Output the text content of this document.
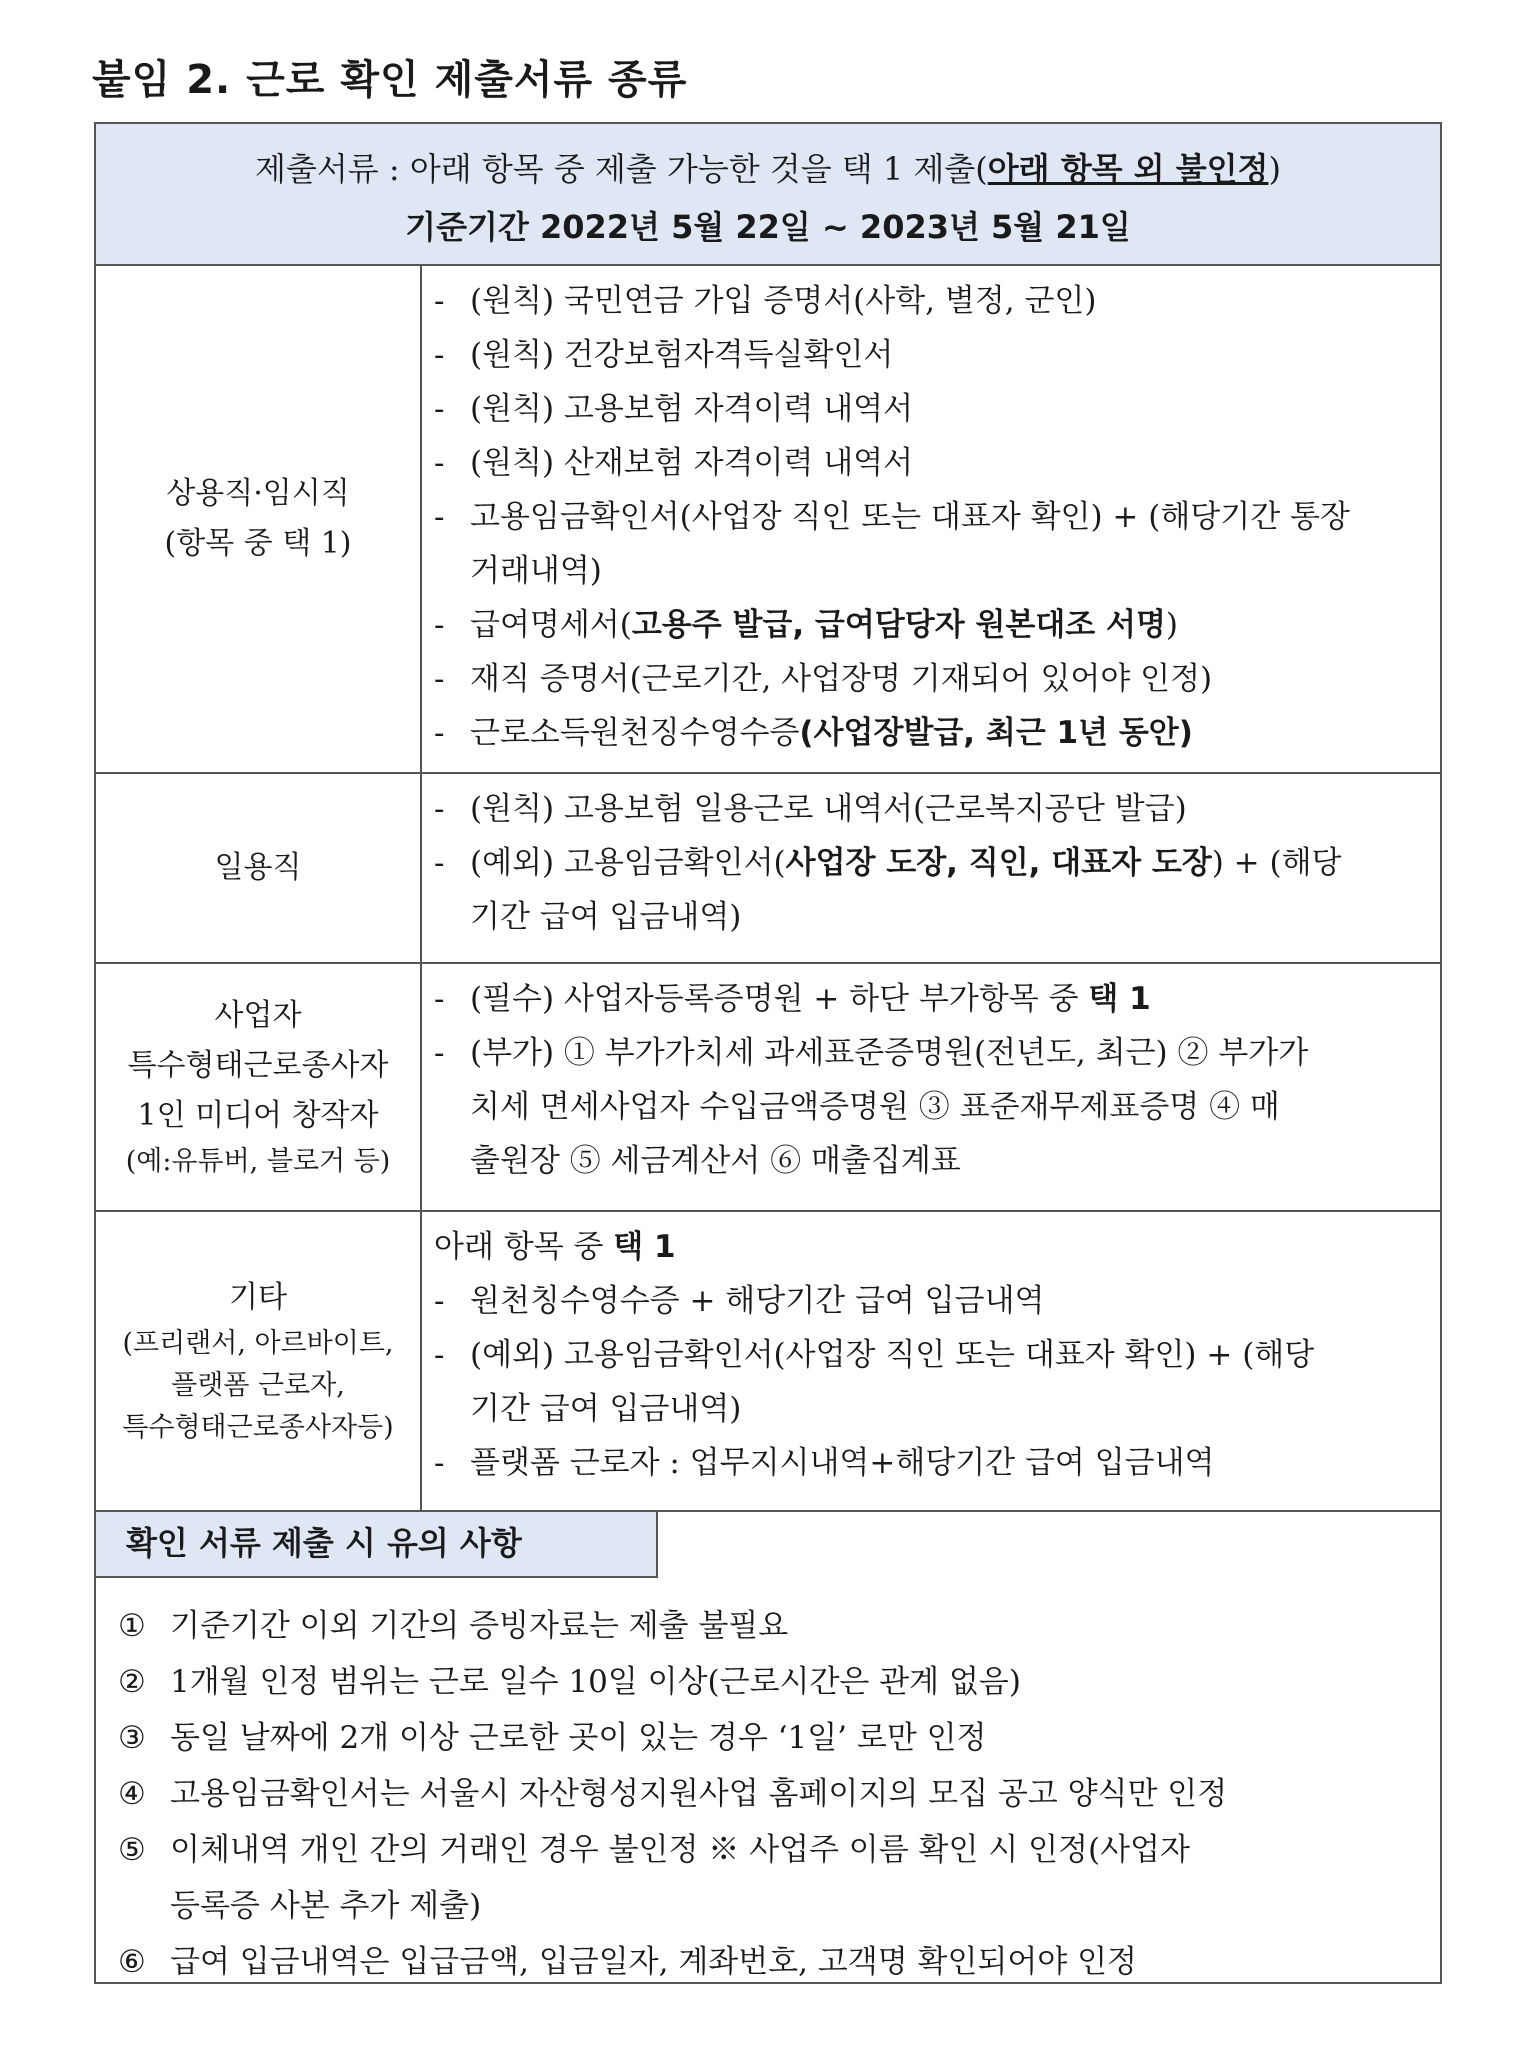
붙임 2. 근로 확인 제출서류 종류
제출서류 : 아래 항목 중 제출 가능한 것을 택 1 제출(아래 항목 외 불인정)
기준기간 2022년 5월 22일 ~ 2023년 5월 21일
상용직·임시직
(항목 중 택 1)
- (원칙) 국민연금 가입 증명서(사학, 별정, 군인)
- (원칙) 건강보험자격득실확인서
- (원칙) 고용보험 자격이력 내역서
- (원칙) 산재보험 자격이력 내역서
- 고용임금확인서(사업장 직인 또는 대표자 확인) + (해당기간 통장
거래내역)
- 급여명세서(고용주 발급, 급여담당자 원본대조 서명)
- 재직 증명서(근로기간, 사업장명 기재되어 있어야 인정)
- 근로소득원천징수영수증(사업장발급, 최근 1년 동안)
일용직
- (원칙) 고용보험 일용근로 내역서(근로복지공단 발급)
- (예외) 고용임금확인서(사업장 도장, 직인, 대표자 도장) + (해당
기간 급여 입금내역)
사업자
특수형태근로종사자
1인 미디어 창작자
(예:유튜버, 블로거 등)
- (필수) 사업자등록증명원 + 하단 부가항목 중 택 1
- (부가) ① 부가가치세 과세표준증명원(전년도, 최근) ② 부가가
치세 면세사업자 수입금액증명원 ③ 표준재무제표증명 ④ 매
출원장 ⑤ 세금계산서 ⑥ 매출집계표
기타
(프리랜서, 아르바이트,
플랫폼 근로자,
특수형태근로종사자등)
아래 항목 중 택 1
- 원천칭수영수증 + 해당기간 급여 입금내역
- (예외) 고용임금확인서(사업장 직인 또는 대표자 확인) + (해당
기간 급여 입금내역)
- 플랫폼 근로자 : 업무지시내역+해당기간 급여 입금내역
확인 서류 제출 시 유의 사항
① 기준기간 이외 기간의 증빙자료는 제출 불필요
② 1개월 인정 범위는 근로 일수 10일 이상(근로시간은 관계 없음)
③ 동일 날짜에 2개 이상 근로한 곳이 있는 경우 ‘1일’ 로만 인정
④ 고용임금확인서는 서울시 자산형성지원사업 홈페이지의 모집 공고 양식만 인정
⑤ 이체내역 개인 간의 거래인 경우 불인정 ※ 사업주 이름 확인 시 인정(사업자
등록증 사본 추가 제출)
⑥ 급여 입금내역은 입급금액, 입금일자, 계좌번호, 고객명 확인되어야 인정
